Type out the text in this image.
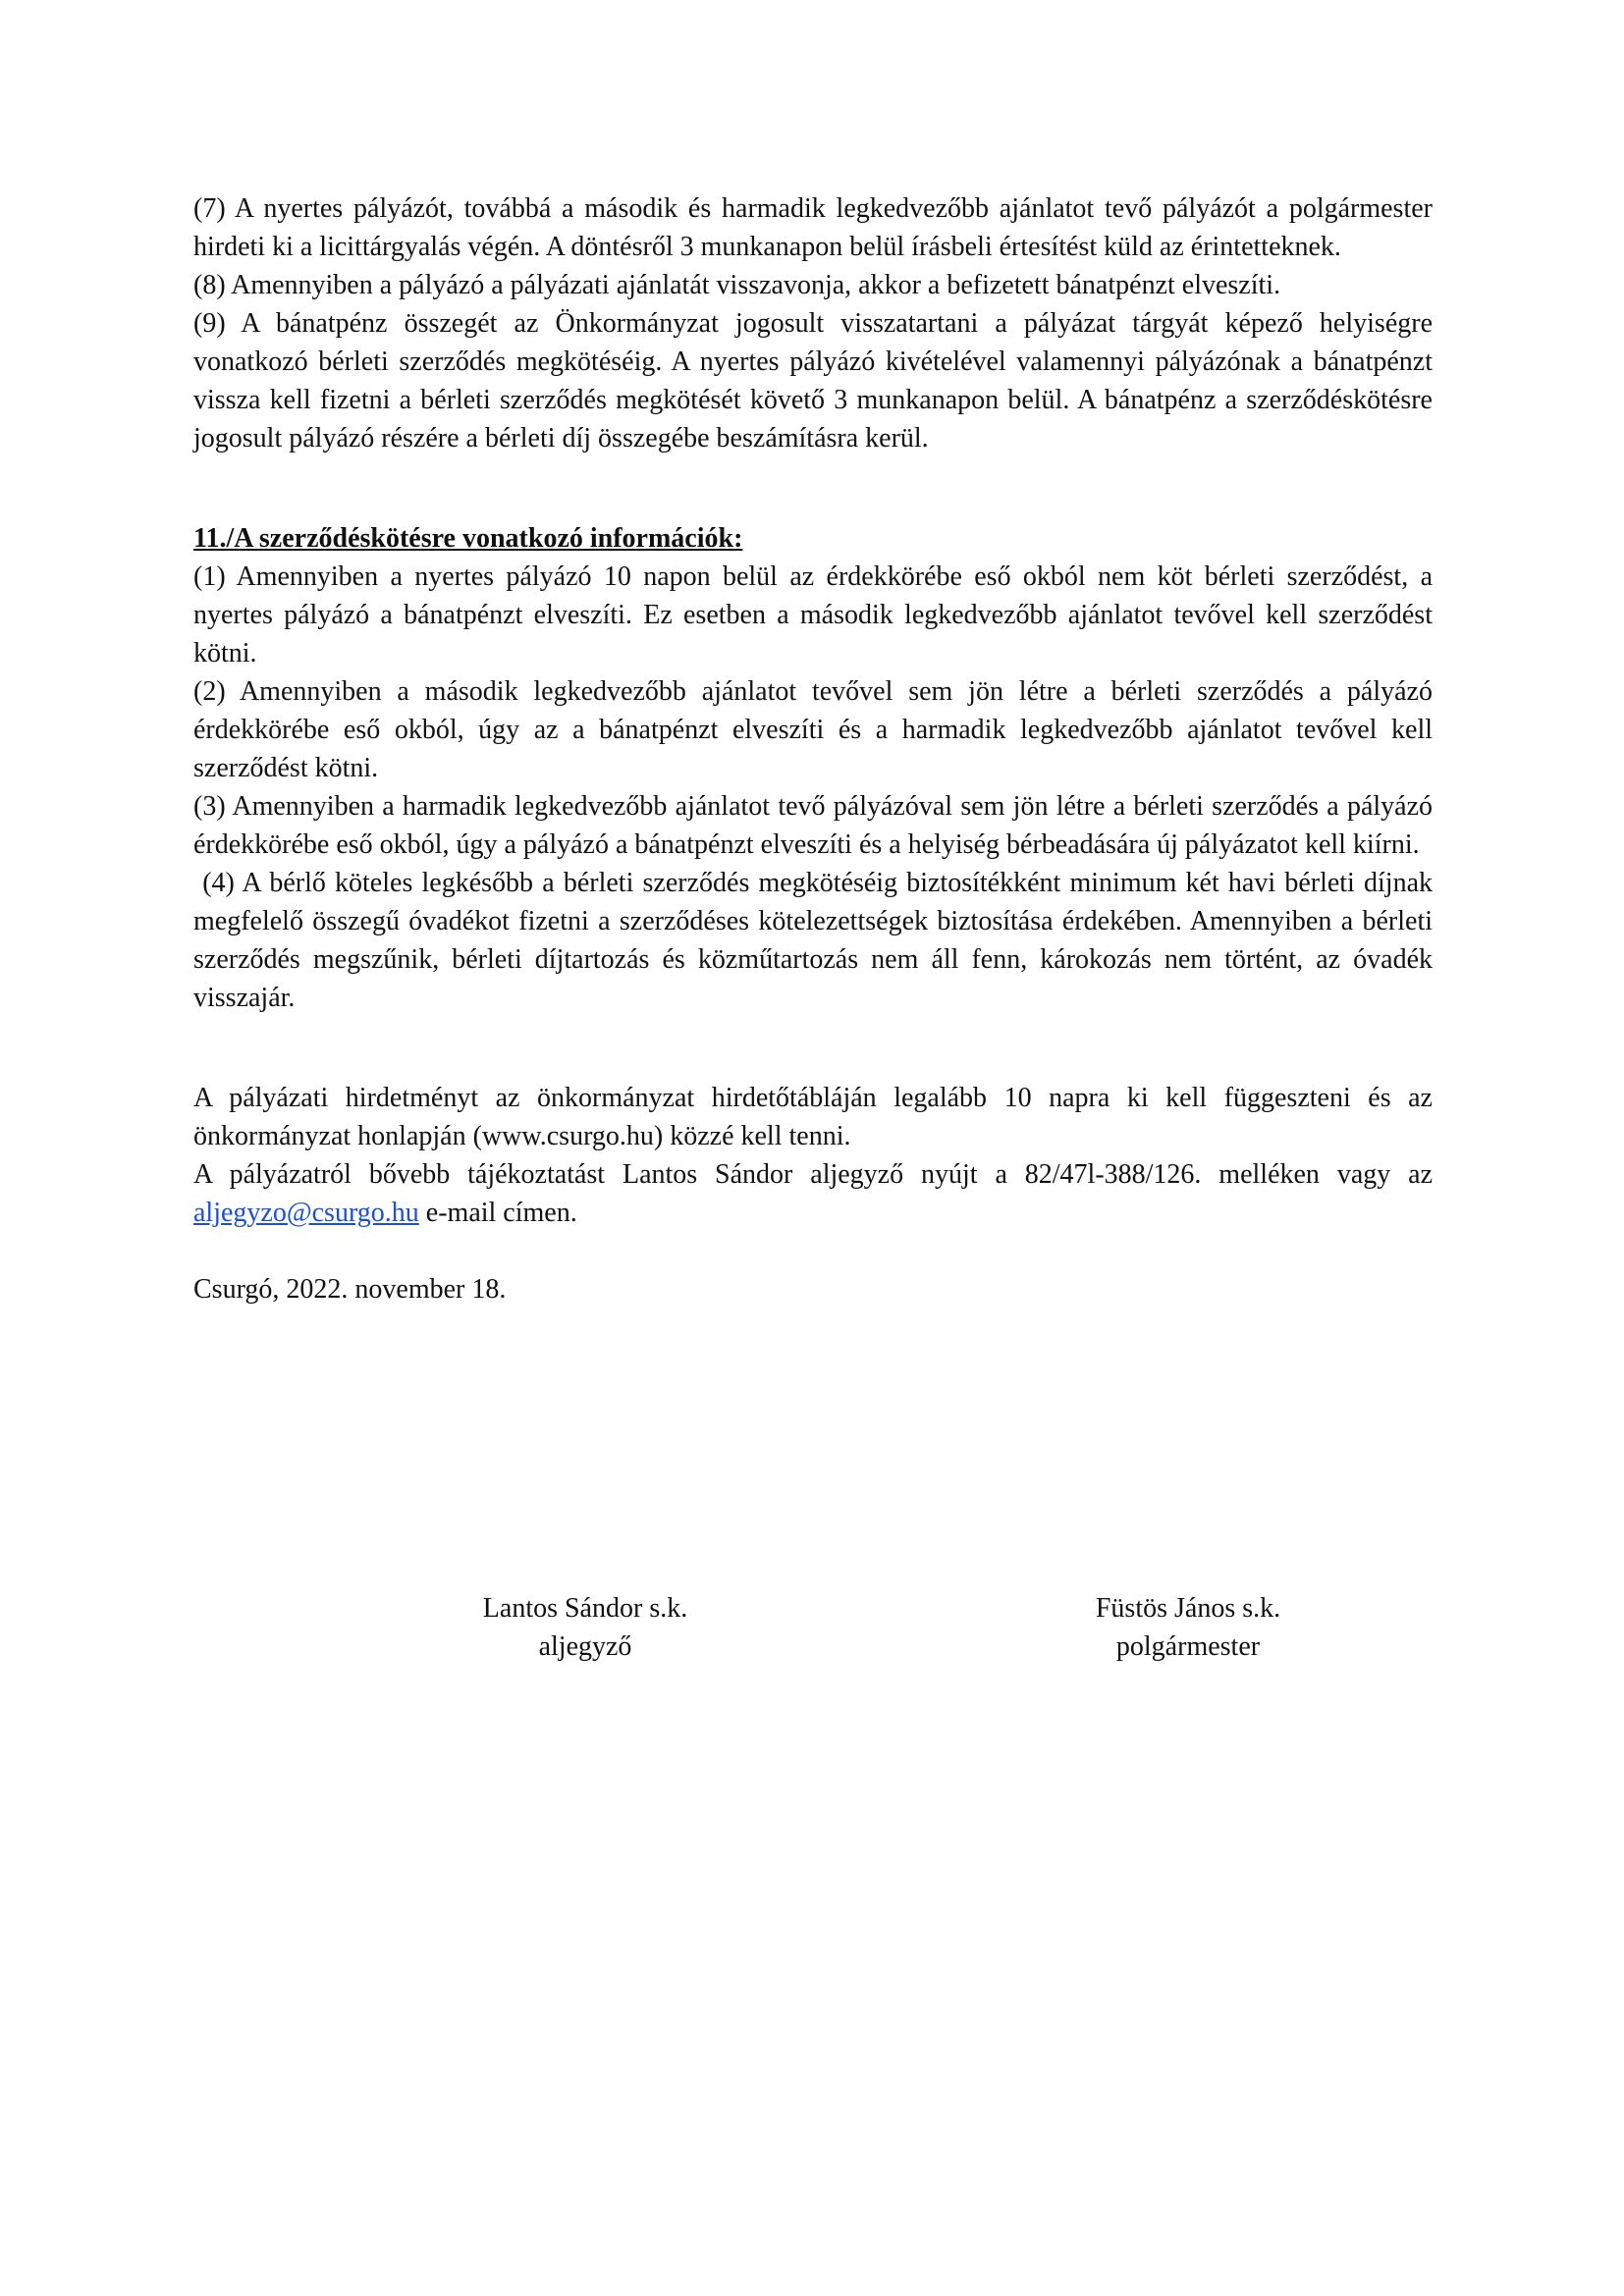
(7) A nyertes pályázót, továbbá a második és harmadik legkedvezőbb ajánlatot tevő pályázót a polgármester hirdeti ki a licittárgyalás végén. A döntésről 3 munkanapon belül írásbeli értesítést küld az érintetteknek.

(8) Amennyiben a pályázó a pályázati ajánlatát visszavonja, akkor a befizetett bánatpénzt elveszíti.

(9) A bánatpénz összegét az Önkormányzat jogosult visszatartani a pályázat tárgyát képező helyiségre vonatkozó bérleti szerződés megkötéséig. A nyertes pályázó kivételével valamennyi pályázónak a bánatpénzt vissza kell fizetni a bérleti szerződés megkötését követő 3 munkanapon belül. A bánatpénz a szerződéskötésre jogosult pályázó részére a bérleti díj összegébe beszámításra kerül.

11./A szerződéskötésre vonatkozó információk:

(1) Amennyiben a nyertes pályázó 10 napon belül az érdekkörébe eső okból nem köt bérleti szerződést, a nyertes pályázó a bánatpénzt elveszíti. Ez esetben a második legkedvezőbb ajánlatot tevővel kell szerződést kötni.

(2) Amennyiben a második legkedvezőbb ajánlatot tevővel sem jön létre a bérleti szerződés a pályázó érdekkörébe eső okból, úgy az a bánatpénzt elveszíti és a harmadik legkedvezőbb ajánlatot tevővel kell szerződést kötni.

(3) Amennyiben a harmadik legkedvezőbb ajánlatot tevő pályázóval sem jön létre a bérleti szerződés a pályázó érdekkörébe eső okból, úgy a pályázó a bánatpénzt elveszíti és a helyiség bérbeadására új pályázatot kell kiírni.

(4) A bérlő köteles legkésőbb a bérleti szerződés megkötéséig biztosítékként minimum két havi bérleti díjnak megfelelő összegű óvadékot fizetni a szerződéses kötelezettségek biztosítása érdekében. Amennyiben a bérleti szerződés megszűnik, bérleti díjtartozás és közműtartozás nem áll fenn, károkozás nem történt, az óvadék visszajár.

A pályázati hirdetményt az önkormányzat hirdetőtábláján legalább 10 napra ki kell függeszteni és az önkormányzat honlapján (www.csurgo.hu) közzé kell tenni.

A pályázatról bővebb tájékoztatást Lantos Sándor aljegyző nyújt a 82/47l-388/126. melléken vagy az aljegyzo@csurgo.hu e-mail címen.

Csurgó, 2022. november 18.

Lantos Sándor s.k.
aljegyző
Füstös János s.k.
polgármester
